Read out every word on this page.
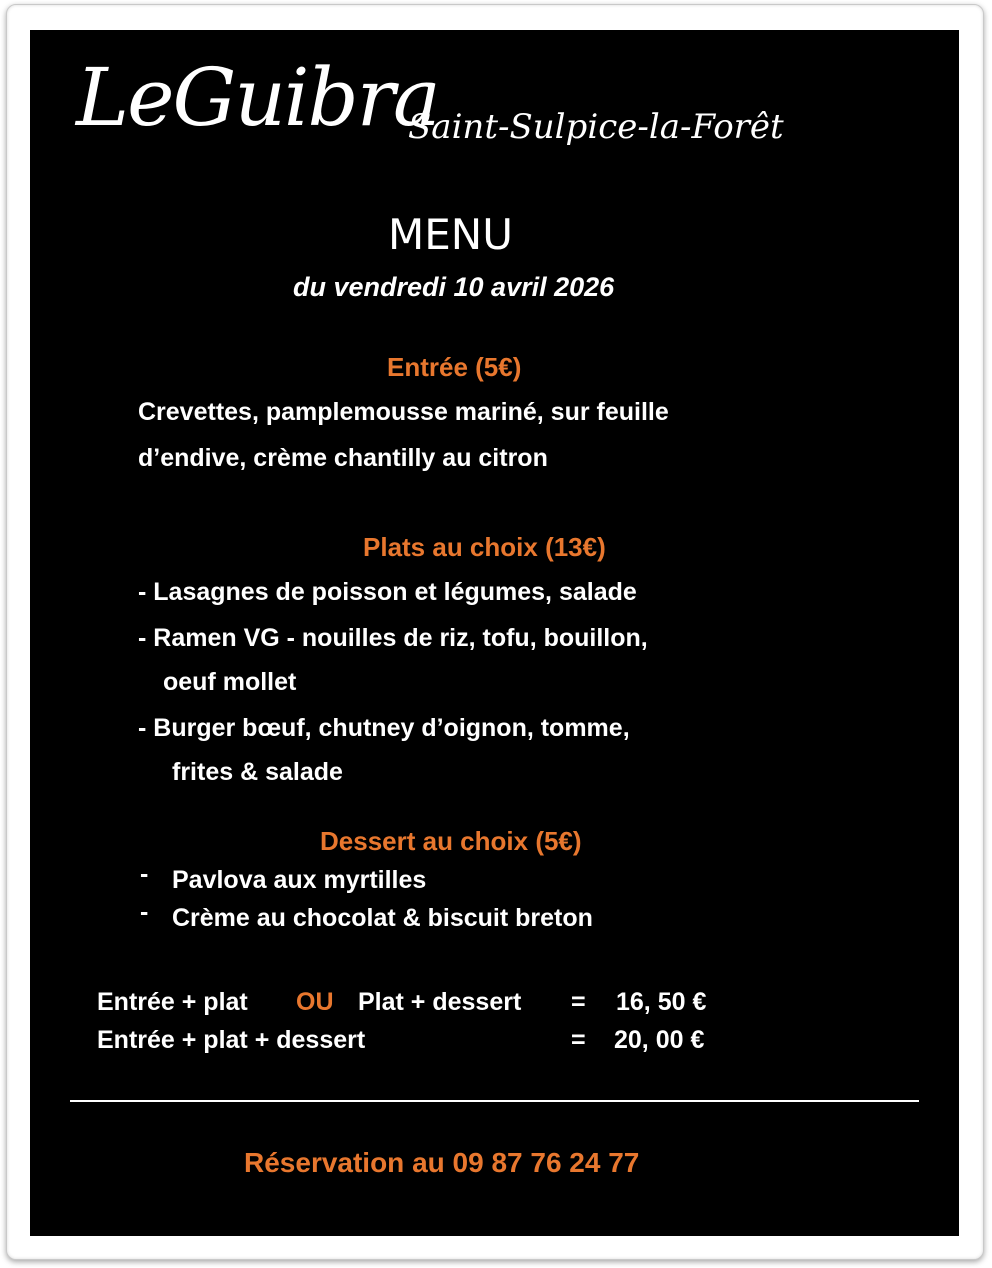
LeGuibra
Saint-Sulpice-la-Forêt
MENU
du vendredi 10 avril 2026
Entrée (5€)
Crevettes, pamplemousse mariné, sur feuille
d’endive, crème chantilly au citron
Plats au choix (13€)
- Lasagnes de poisson et légumes, salade
- Ramen VG - nouilles de riz, tofu, bouillon,
oeuf mollet
- Burger bœuf, chutney d’oignon, tomme,
frites & salade
Dessert au choix (5€)
- Pavlova aux myrtilles
- Crème au chocolat & biscuit breton
Entrée + plat OU Plat + dessert = 16, 50 €
Entrée + plat + dessert	= 20, 00 €
Réservation au 09 87 76 24 77
